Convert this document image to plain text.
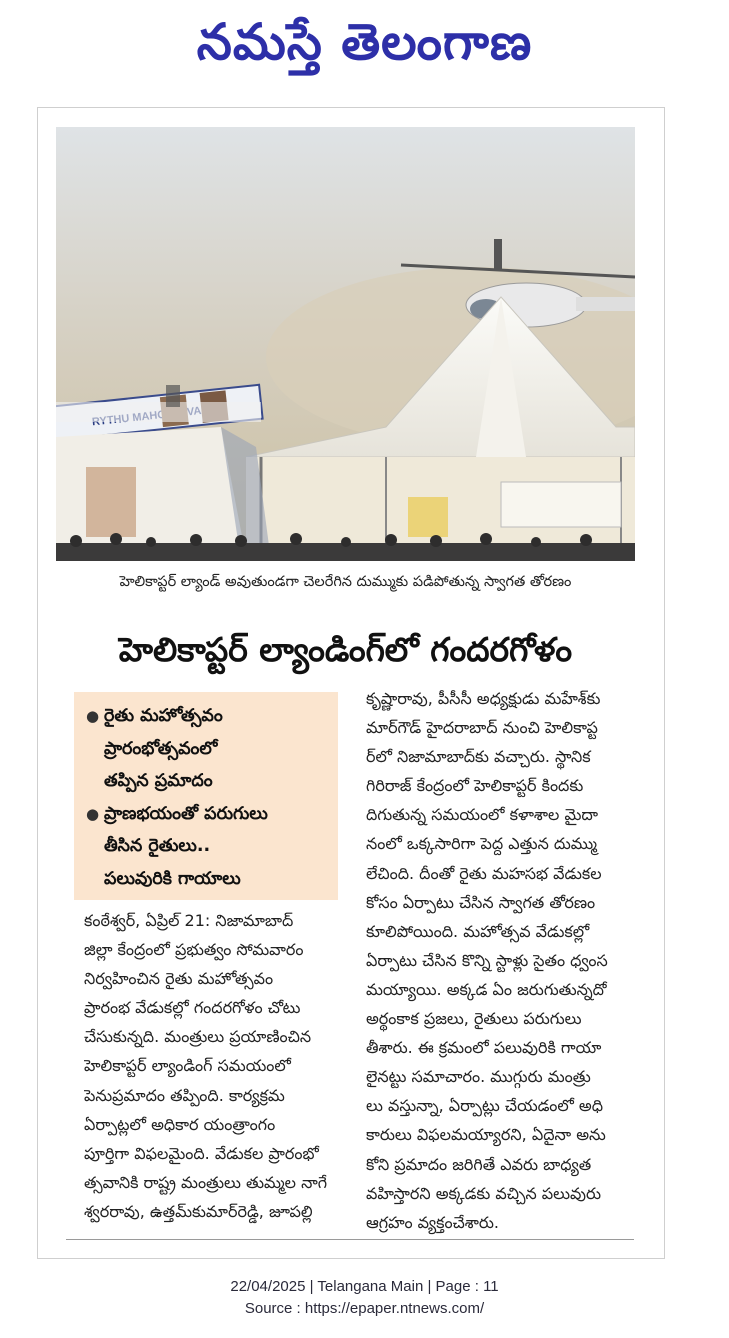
నమస్తే తెలంగాణ
హెలికాప్టర్‌ ల్యాండ్‌ అవుతుండగా చెలరేగిన దుమ్ముకు పడిపోతున్న స్వాగత తోరణం
హెలికాప్టర్‌ ల్యాండింగ్‌లో గందరగోళం
● రైతు మహోత్సవం
ప్రారంభోత్సవంలో
తప్పిన ప్రమాదం
● ప్రాణభయంతో పరుగులు
తీసిన రైతులు..
పలువురికి గాయాలు
కంఠేశ్వర్‌, ఏప్రిల్‌ 21: నిజామాబాద్‌
జిల్లా కేంద్రంలో ప్రభుత్వం సోమవారం
నిర్వహించిన రైతు మహోత్సవం
ప్రారంభ వేడుకల్లో గందరగోళం చోటు
చేసుకున్నది. మంత్రులు ప్రయాణించిన
హెలికాప్టర్‌ ల్యాండింగ్‌ సమయంలో
పెనుప్రమాదం తప్పింది. కార్యక్రమ
ఏర్పాట్లలో అధికార యంత్రాంగం
పూర్తిగా విఫలమైంది. వేడుకల ప్రారంభో
త్సవానికి రాష్ట్ర మంత్రులు తుమ్మల నాగే
శ్వరరావు, ఉత్తమ్‌కుమార్‌రెడ్డి, జూపల్లి
కృష్ణారావు, పీసీసీ అధ్యక్షుడు మహేశ్‌కు
మార్‌గౌడ్‌ హైదరాబాద్‌ నుంచి హెలికాప్ట
ర్‌లో నిజామాబాద్‌కు వచ్చారు. స్థానిక
గిరిరాజ్‌ కేంద్రంలో హెలికాప్టర్‌ కిందకు
దిగుతున్న సమయంలో కళాశాల మైదా
నంలో ఒక్కసారిగా పెద్ద ఎత్తున దుమ్ము
లేచింది. దీంతో రైతు మహసభ వేడుకల
కోసం ఏర్పాటు చేసిన స్వాగత తోరణం
కూలిపోయింది. మహోత్సవ వేడుకల్లో
ఏర్పాటు చేసిన కొన్ని స్టాళ్లు సైతం ధ్వంస
మయ్యాయి. అక్కడ ఏం జరుగుతున్నదో
అర్థంకాక ప్రజలు, రైతులు పరుగులు
తీశారు. ఈ క్రమంలో పలువురికి గాయా
లైనట్టు సమాచారం. ముగ్గురు మంత్రు
లు వస్తున్నా, ఏర్పాట్లు చేయడంలో అధి
కారులు విఫలమయ్యారని, ఏదైనా అను
కోని ప్రమాదం జరిగితే ఎవరు బాధ్యత
వహిస్తారని అక్కడకు వచ్చిన పలువురు
ఆగ్రహం వ్యక్తంచేశారు.
22/04/2025 | Telangana Main | Page : 11
Source : https://epaper.ntnews.com/
